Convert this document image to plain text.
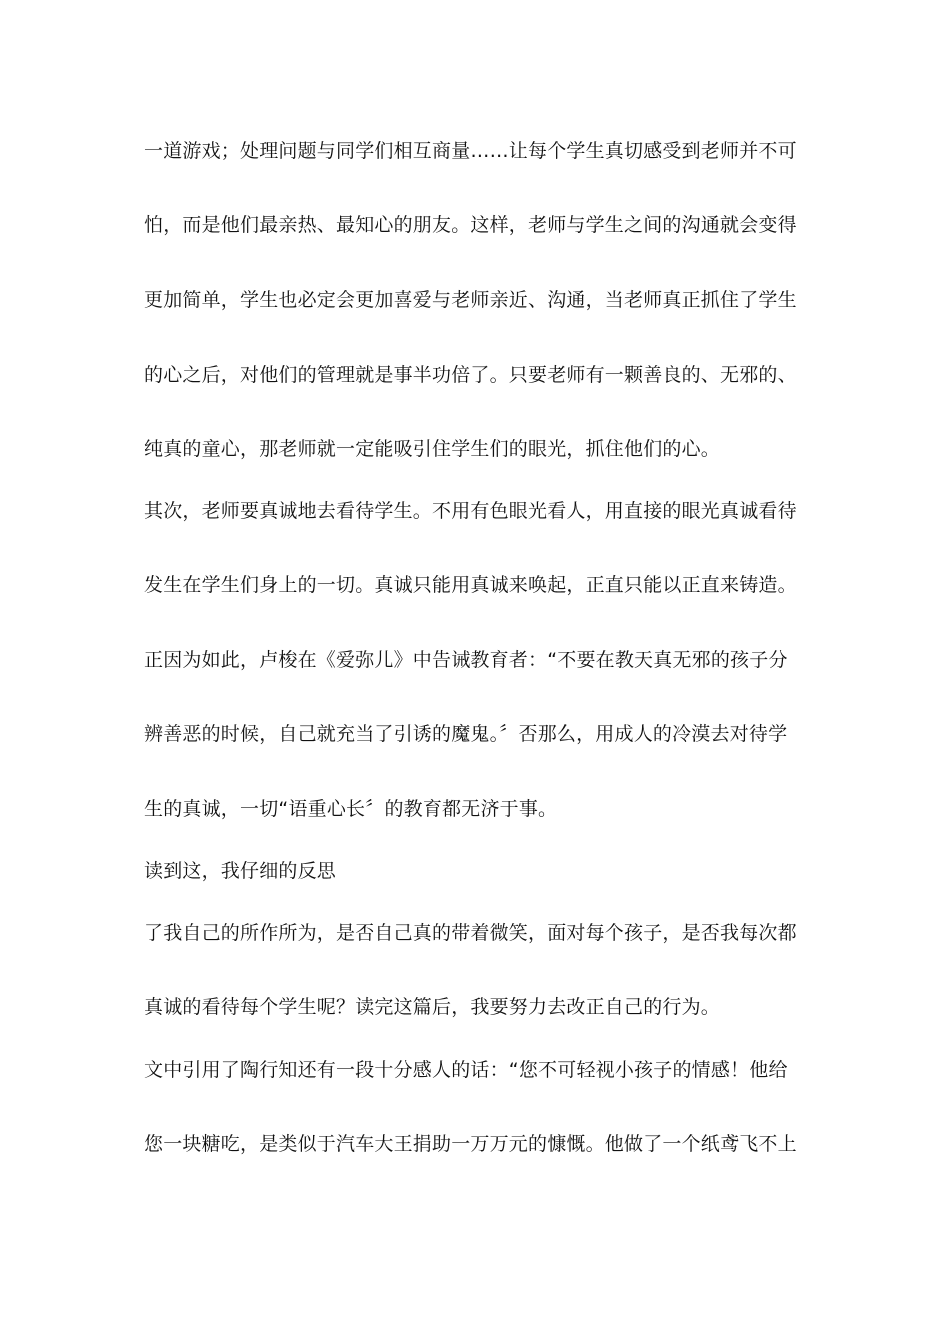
一道游戏；处理问题与同学们相互商量……让每个学生真切感受到老师并不可
怕，而是他们最亲热、最知心的朋友。这样，老师与学生之间的沟通就会变得
更加简单，学生也必定会更加喜爱与老师亲近、沟通，当老师真正抓住了学生
的心之后，对他们的管理就是事半功倍了。只要老师有一颗善良的、无邪的、
纯真的童心，那老师就一定能吸引住学生们的眼光，抓住他们的心。
其次，老师要真诚地去看待学生。不用有色眼光看人，用直接的眼光真诚看待
发生在学生们身上的一切。真诚只能用真诚来唤起，正直只能以正直来铸造。
正因为如此，卢梭在《爱弥儿》中告诫教育者：“不要在教天真无邪的孩子分
辨善恶的时候，自己就充当了引诱的魔鬼。〞否那么，用成人的冷漠去对待学
生的真诚，一切“语重心长〞的教育都无济于事。
读到这，我仔细的反思
了我自己的所作所为，是否自己真的带着微笑，面对每个孩子，是否我每次都
真诚的看待每个学生呢？读完这篇后，我要努力去改正自己的行为。
文中引用了陶行知还有一段十分感人的话：“您不可轻视小孩子的情感！他给
您一块糖吃，是类似于汽车大王捐助一万万元的慷慨。他做了一个纸鸢飞不上
